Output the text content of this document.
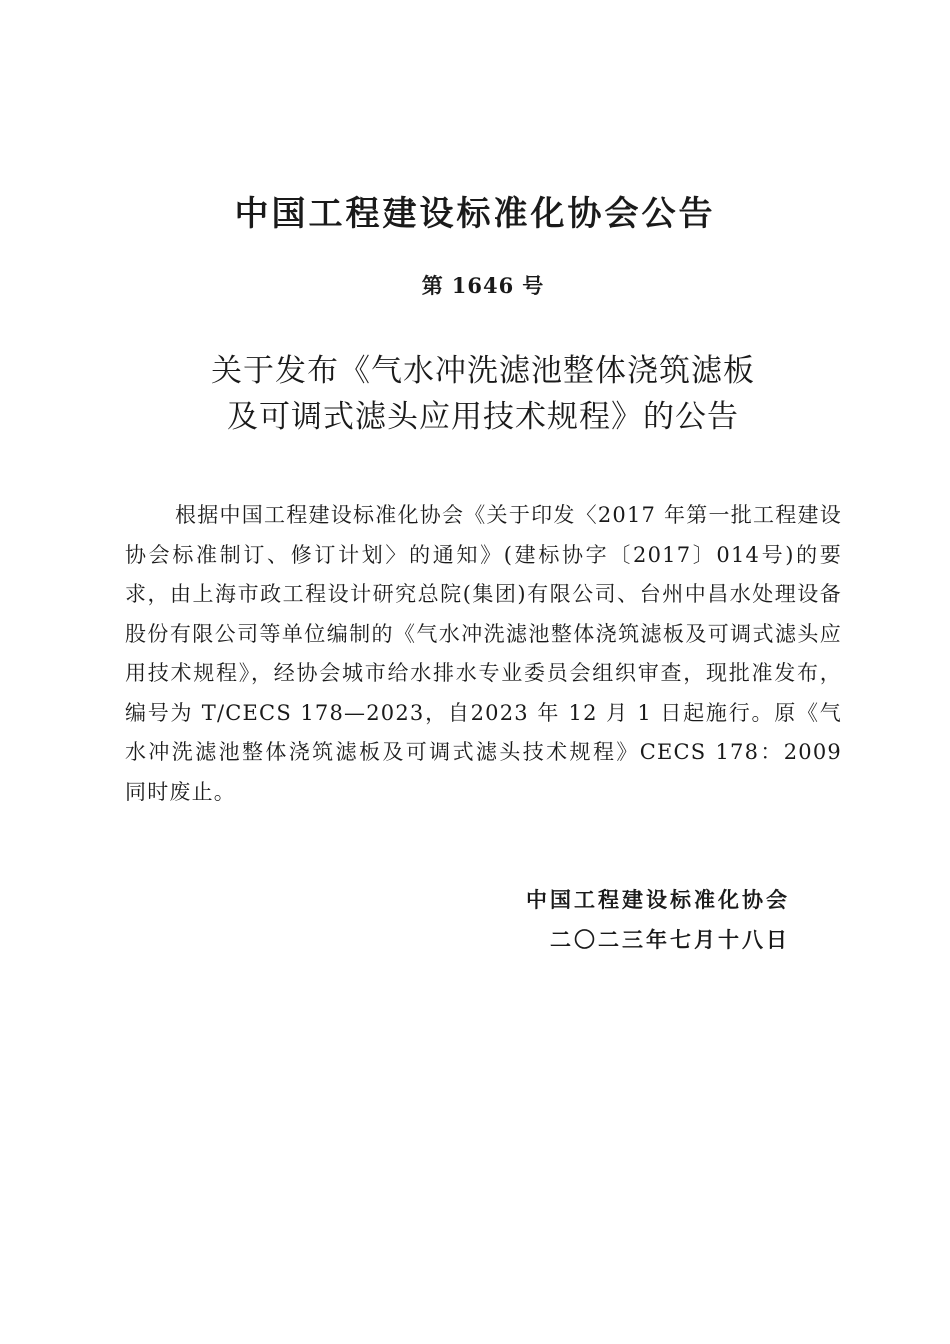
中国工程建设标准化协会公告
第 1646 号
关于发布《气水冲洗滤池整体浇筑滤板
及可调式滤头应用技术规程》的公告

根据中国工程建设标准化协会《关于印发〈2017 年第一批工程建设协会标准制订、修订计划〉的通知》(建标协字〔2017〕014号)的要求，由上海市政工程设计研究总院(集团)有限公司、台州中昌水处理设备股份有限公司等单位编制的《气水冲洗滤池整体浇筑滤板及可调式滤头应用技术规程》，经协会城市给水排水专业委员会组织审查，现批准发布，编号为 T/CECS 178—2023，自2023 年 12 月 1 日起施行。原《气水冲洗滤池整体浇筑滤板及可调式滤头技术规程》CECS 178：2009 同时废止。

中国工程建设标准化协会
二〇二三年七月十八日
